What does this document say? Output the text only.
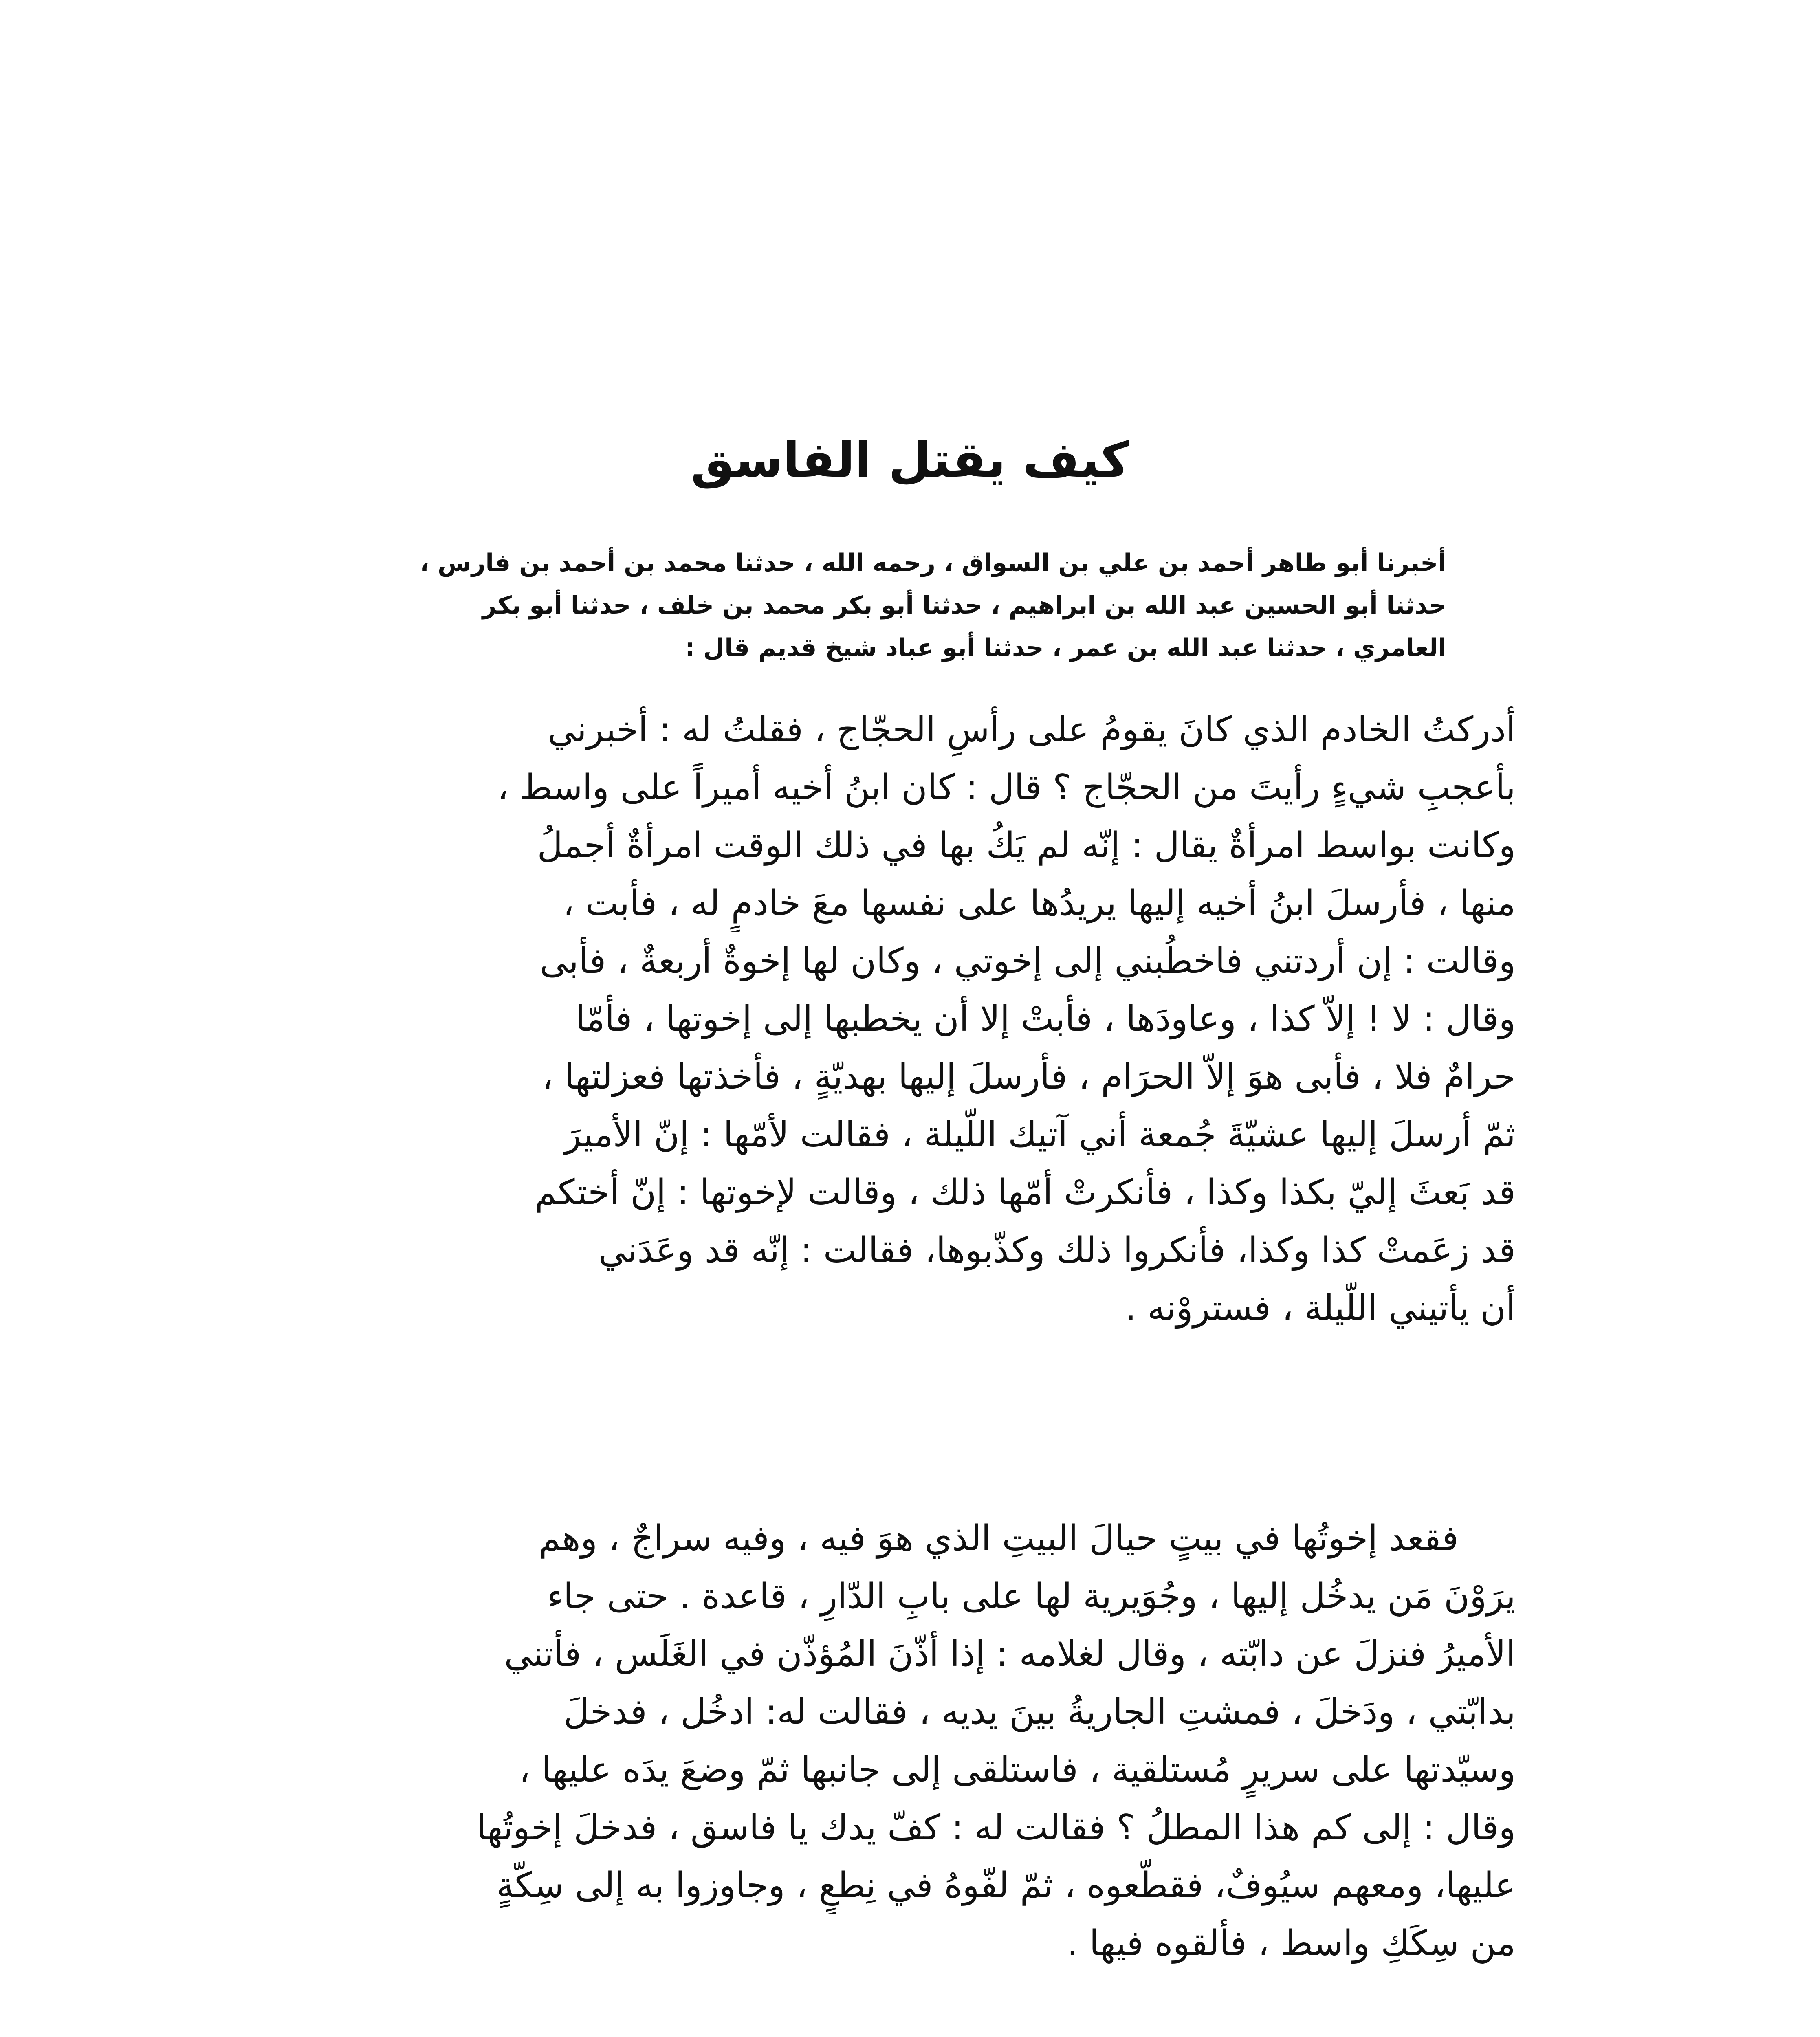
كيف يقتل الفاسق
أخبرنا أبو طاهر أحمد بن علي بن السواق ، رحمه الله ، حدثنا محمد بن أحمد بن فارس ،
حدثنا أبو الحسين عبد الله بن ابراهيم ، حدثنا أبو بكر محمد بن خلف ، حدثنا أبو بكر
العامري ، حدثنا عبد الله بن عمر ، حدثنا أبو عباد شيخ قديم قال :
أدركتُ الخادم الذي كانَ يقومُ على رأسِ الحجّاج ، فقلتُ له : أخبرني
بأعجبِ شيءٍ رأيتَ من الحجّاج ؟ قال : كان ابنُ أخيه أميراً على واسط ،
وكانت بواسط امرأةٌ يقال : إنّه لم يَكُ بها في ذلك الوقت امرأةٌ أجملُ
منها ، فأرسلَ ابنُ أخيه إليها يريدُها على نفسها معَ خادمٍ له ، فأبت ،
وقالت : إن أردتني فاخطُبني إلى إخوتي ، وكان لها إخوةٌ أربعةٌ ، فأبى
وقال : لا ! إلاّ كذا ، وعاودَها ، فأبتْ إلا أن يخطبها إلى إخوتها ، فأمّا
حرامٌ فلا ، فأبى هوَ إلاّ الحرَام ، فأرسلَ إليها بهديّةٍ ، فأخذتها فعزلتها ،
ثمّ أرسلَ إليها عشيّةَ جُمعة أني آتيك اللّيلة ، فقالت لأمّها : إنّ الأميرَ
قد بَعثَ إليّ بكذا وكذا ، فأنكرتْ أمّها ذلك ، وقالت لإخوتها : إنّ أختكم
قد زعَمتْ كذا وكذا، فأنكروا ذلك وكذّبوها، فقالت : إنّه قد وعَدَني
أن يأتيني اللّيلة ، فستروْنه .
فقعد إخوتُها في بيتٍ حيالَ البيتِ الذي هوَ فيه ، وفيه سراجٌ ، وهم
يرَوْنَ مَن يدخُل إليها ، وجُوَيرية لها على بابِ الدّارِ ، قاعدة . حتى جاء
الأميرُ فنزلَ عن دابّته ، وقال لغلامه : إذا أذّنَ المُؤذّن في الغَلَس ، فأتني
بدابّتي ، ودَخلَ ، فمشتِ الجاريةُ بينَ يديه ، فقالت له: ادخُل ، فدخلَ
وسيّدتها على سريرٍ مُستلقية ، فاستلقى إلى جانبها ثمّ وضعَ يدَه عليها ،
وقال : إلى كم هذا المطلُ ؟ فقالت له : كفّ يدك يا فاسق ، فدخلَ إخوتُها
عليها، ومعهم سيُوفٌ، فقطّعوه ، ثمّ لفّوهُ في نِطعٍ ، وجاوزوا به إلى سِكّةٍ
من سِكَكِ واسط ، فألقوه فيها .
